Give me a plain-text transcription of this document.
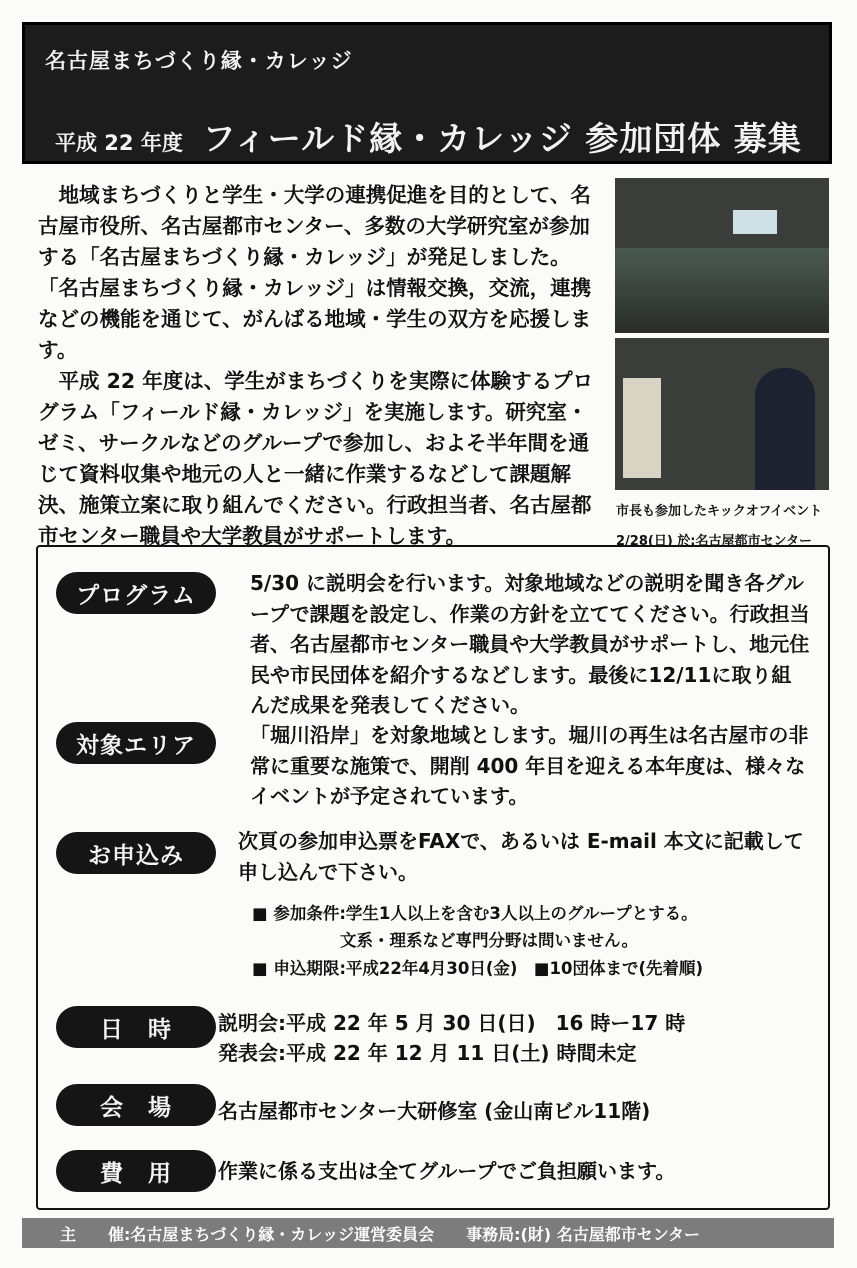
名古屋まちづくり縁・カレッジ
平成 22 年度 フィールド縁・カレッジ 参加団体 募集

地域まちづくりと学生・大学の連携促進を目的として、名古屋市役所、名古屋都市センター、多数の大学研究室が参加する「名古屋まちづくり縁・カレッジ」が発足しました。「名古屋まちづくり縁・カレッジ」は情報交換，交流，連携などの機能を通じて、がんばる地域・学生の双方を応援します。

平成 22 年度は、学生がまちづくりを実際に体験するプログラム「フィールド縁・カレッジ」を実施します。研究室・ゼミ、サークルなどのグループで参加し、およそ半年間を通じて資料収集や地元の人と一緒に作業するなどして課題解決、施策立案に取り組んでください。行政担当者、名古屋都市センター職員や大学教員がサポートします。

市長も参加したキックオフイベント
2/28(日) 於:名古屋都市センター
プログラム	5/30 に説明会を行います。対象地域などの説明を聞き各グループで課題を設定し、作業の方針を立ててください。行政担当者、名古屋都市センター職員や大学教員がサポートし、地元住民や市民団体を紹介するなどします。最後に12/11に取り組んだ成果を発表してください。
対象エリア	「堀川沿岸」を対象地域とします。堀川の再生は名古屋市の非常に重要な施策で、開削 400 年目を迎える本年度は、様々なイベントが予定されています。
お申込み
次頁の参加申込票をFAXで、あるいは E-mail 本文に記載して申し込んで下さい。
■ 参加条件:学生1人以上を含む3人以上のグループとする。
文系・理系など専門分野は問いません。
■ 申込期限:平成22年4月30日(金)　■10団体まで(先着順)
日　時	説明会:平成 22 年 5 月 30 日(日)　16 時ー17 時
発表会:平成 22 年 12 月 11 日(土) 時間未定
会　場	名古屋都市センター大研修室 (金山南ビル11階)
費　用	作業に係る支出は全てグループでご負担願います。
主　　催:名古屋まちづくり縁・カレッジ運営委員会 事務局:(財) 名古屋都市センター
